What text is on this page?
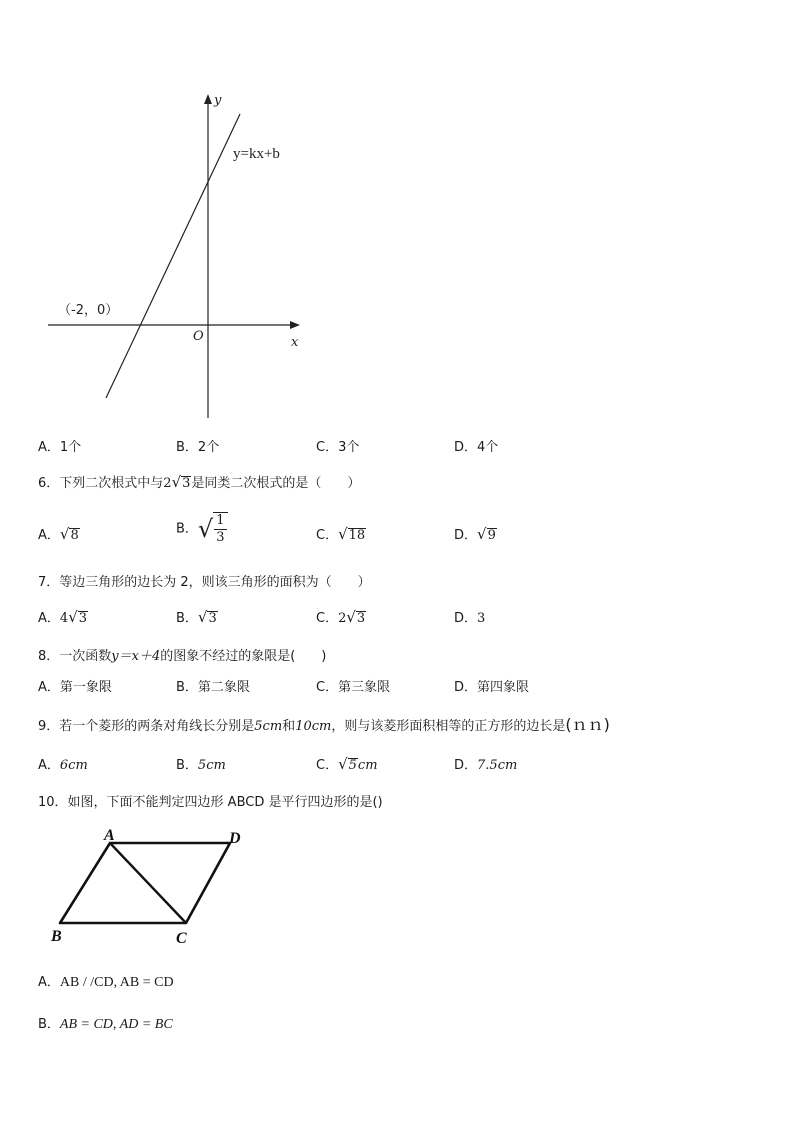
y
x
O
y=kx+b
（-2，0）
A．1个	B．2个	C．3个	D．4个
6．下列二次根式中与2√3是同类二次根式的是（　　）
A．√8	B．√ $\frac{1}{3}$	C．√18	D．√9
7．等边三角形的边长为 2，则该三角形的面积为（　　）
A．4√3	B．√3	C．2√3	D．3
8．一次函数y＝x＋4的图象不经过的象限是(　　)
A．第一象限	B．第二象限	C．第三象限	D．第四象限
9．若一个菱形的两条对角线长分别是5cm和10cm，则与该菱形面积相等的正方形的边长是(ｎｎ)
A．6cm	B．5cm	C．√5cm	D．7.5cm
10．如图，下面不能判定四边形 ABCD 是平行四边形的是()
A	D
B	C
A．AB / /CD, AB = CD
B．AB = CD, AD = BC
